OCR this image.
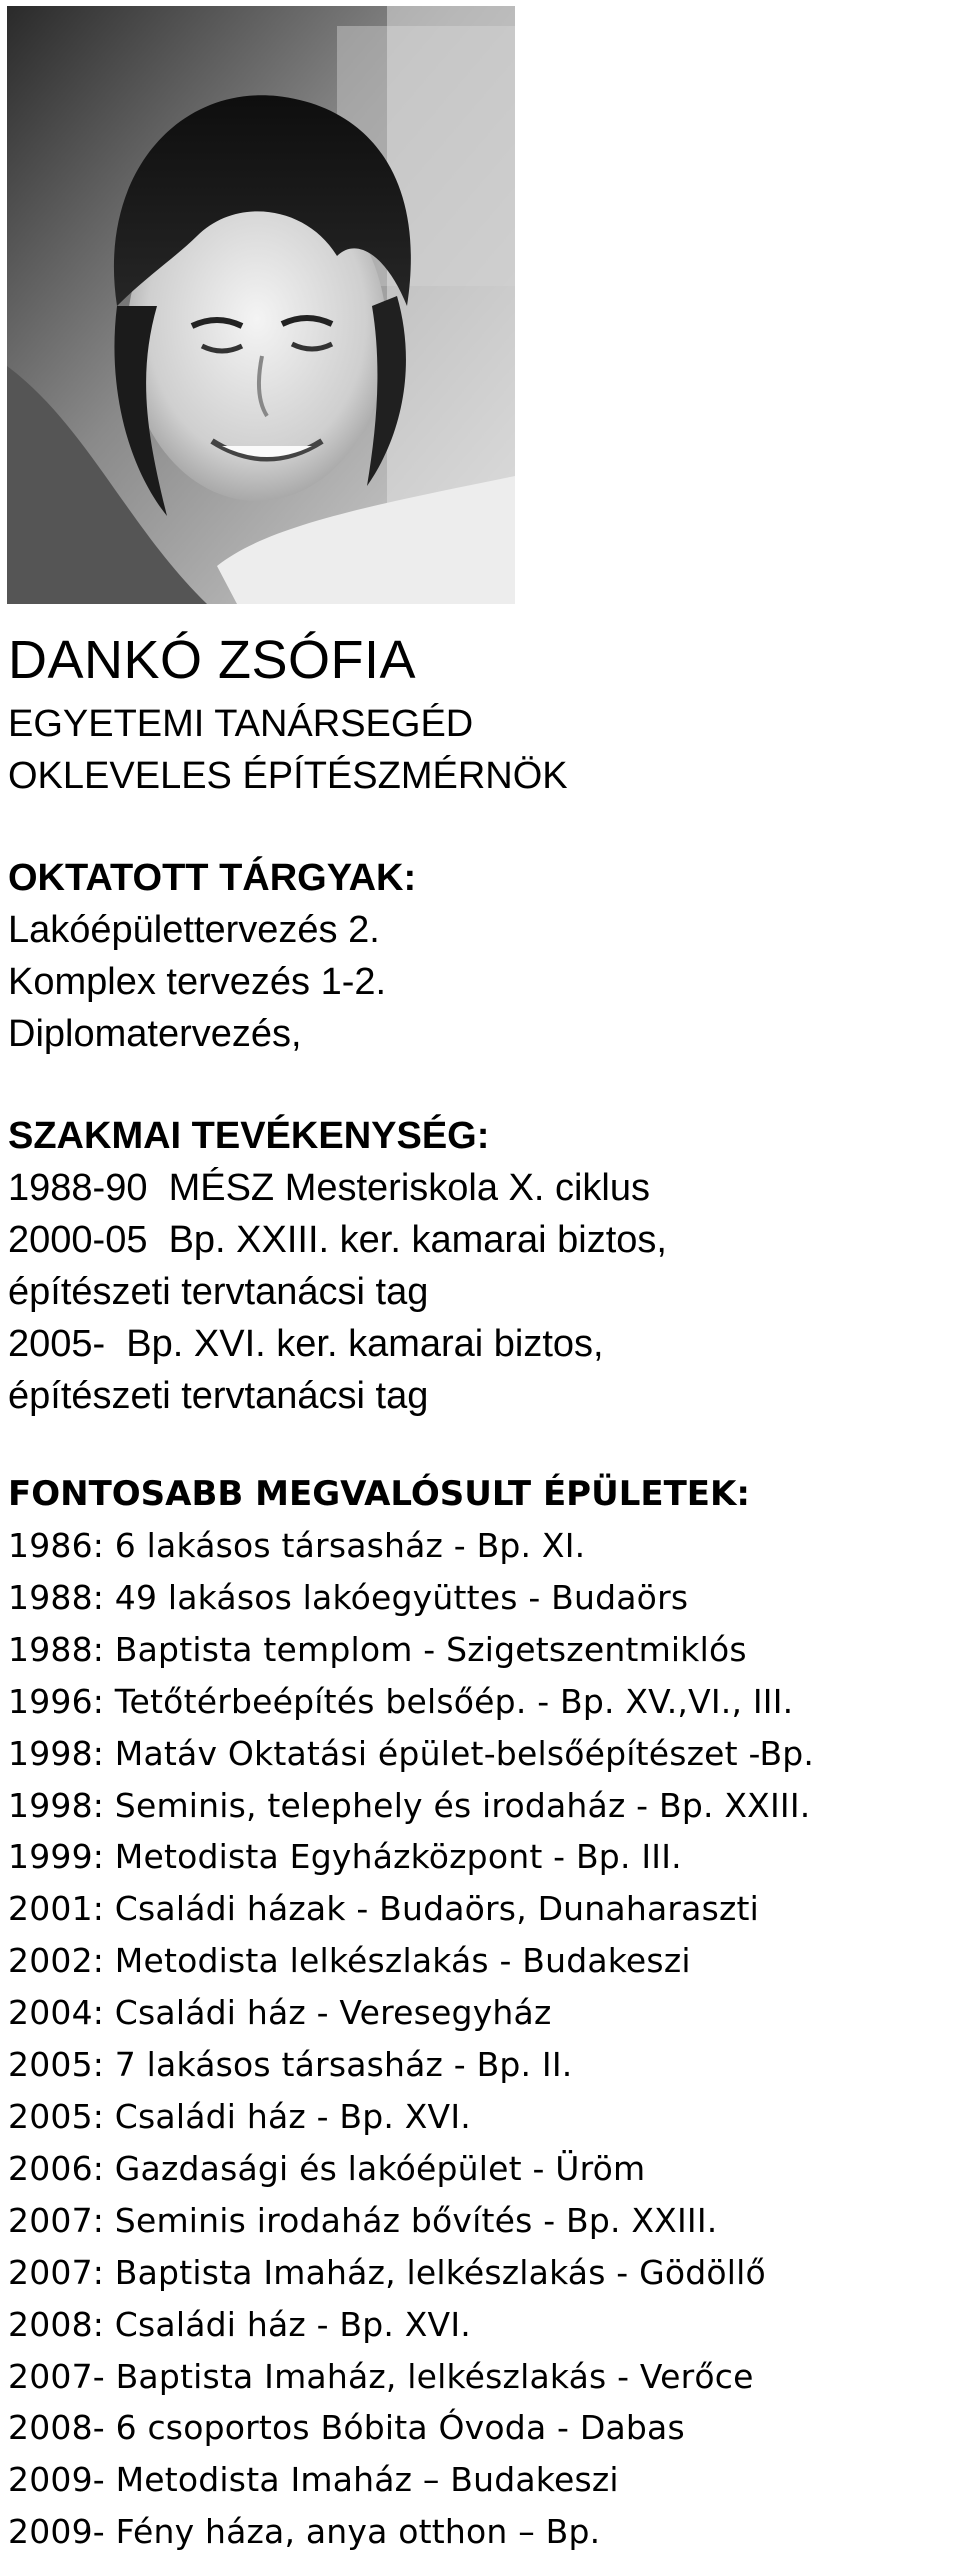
DANKÓ ZSÓFIA

EGYETEMI TANÁRSEGÉD

OKLEVELES ÉPÍTÉSZMÉRNÖK

OKTATOTT TÁRGYAK:
Lakóépülettervezés 2.
Komplex tervezés 1-2.
Diplomatervezés,
SZAKMAI TEVÉKENYSÉG:
1988-90  MÉSZ Mesteriskola X. ciklus
2000-05  Bp. XXIII. ker. kamarai biztos,
építészeti tervtanácsi tag
2005-  Bp. XVI. ker. kamarai biztos,
építészeti tervtanácsi tag
FONTOSABB MEGVALÓSULT ÉPÜLETEK:
1986: 6 lakásos társasház - Bp. XI.
1988: 49 lakásos lakóegyüttes - Budaörs
1988: Baptista templom - Szigetszentmiklós
1996: Tetőtérbeépítés belsőép. - Bp. XV.,VI., III.
1998: Matáv Oktatási épület-belsőépítészet -Bp.
1998: Seminis, telephely és irodaház - Bp. XXIII.
1999: Metodista Egyházközpont - Bp. III.
2001: Családi házak - Budaörs, Dunaharaszti
2002: Metodista lelkészlakás - Budakeszi
2004: Családi ház - Veresegyház
2005: 7 lakásos társasház - Bp. II.
2005: Családi ház - Bp. XVI.
2006: Gazdasági és lakóépület - Üröm
2007: Seminis irodaház bővítés - Bp. XXIII.
2007: Baptista Imaház, lelkészlakás - Gödöllő
2008: Családi ház - Bp. XVI.
2007- Baptista Imaház, lelkészlakás - Verőce
2008- 6 csoportos Bóbita Óvoda - Dabas
2009- Metodista Imaház – Budakeszi
2009- Fény háza, anya otthon – Bp.
